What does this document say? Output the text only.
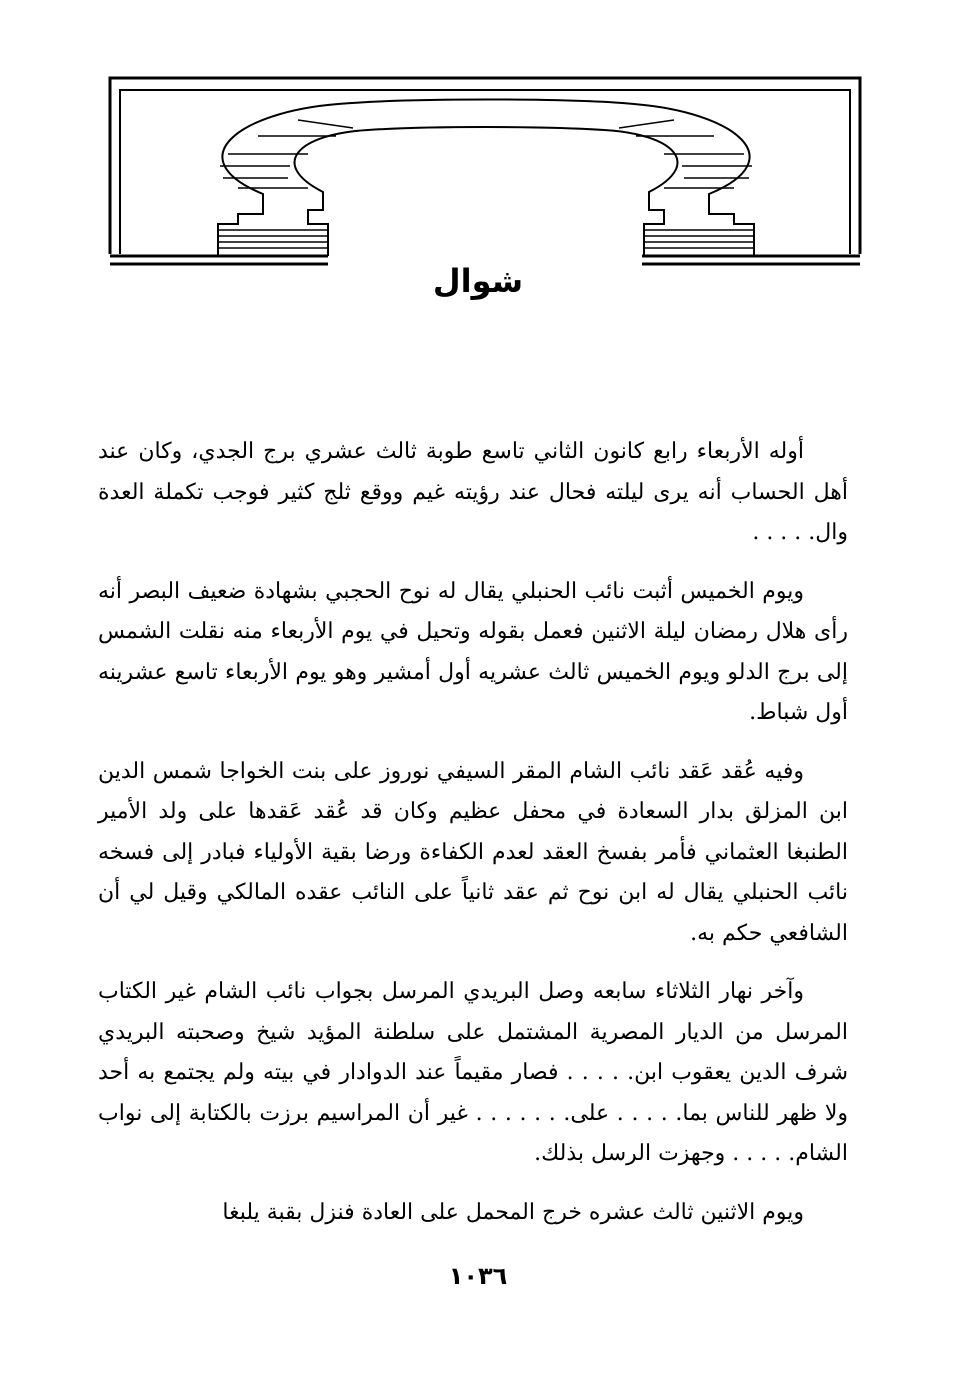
شوال

أوله الأربعاء رابع كانون الثاني تاسع طوبة ثالث عشري برج الجدي، وكان عند أهل الحساب أنه يرى ليلته فحال عند رؤيته غيم ووقع ثلج كثير فوجب تكملة العدة وال. . . . .

ويوم الخميس أثبت نائب الحنبلي يقال له نوح الحجبي بشهادة ضعيف البصر أنه رأى هلال رمضان ليلة الاثنين فعمل بقوله وتحيل في يوم الأربعاء منه نقلت الشمس إلى برج الدلو ويوم الخميس ثالث عشريه أول أمشير وهو يوم الأربعاء تاسع عشرينه أول شباط.

وفيه عُقد عَقد نائب الشام المقر السيفي نوروز على بنت الخواجا شمس الدين ابن المزلق بدار السعادة في محفل عظيم وكان قد عُقد عَقدها على ولد الأمير الطنبغا العثماني فأمر بفسخ العقد لعدم الكفاءة ورضا بقية الأولياء فبادر إلى فسخه نائب الحنبلي يقال له ابن نوح ثم عقد ثانياً على النائب عقده المالكي وقيل لي أن الشافعي حكم به.

وآخر نهار الثلاثاء سابعه وصل البريدي المرسل بجواب نائب الشام غير الكتاب المرسل من الديار المصرية المشتمل على سلطنة المؤيد شيخ وصحبته البريدي شرف الدين يعقوب ابن. . . . . فصار مقيماً عند الدوادار في بيته ولم يجتمع به أحد ولا ظهر للناس بما. . . . . على. . . . . . . غير أن المراسيم برزت بالكتابة إلى نواب الشام. . . . . وجهزت الرسل بذلك.

ويوم الاثنين ثالث عشره خرج المحمل على العادة فنزل بقبة يلبغا

١٠٣٦
